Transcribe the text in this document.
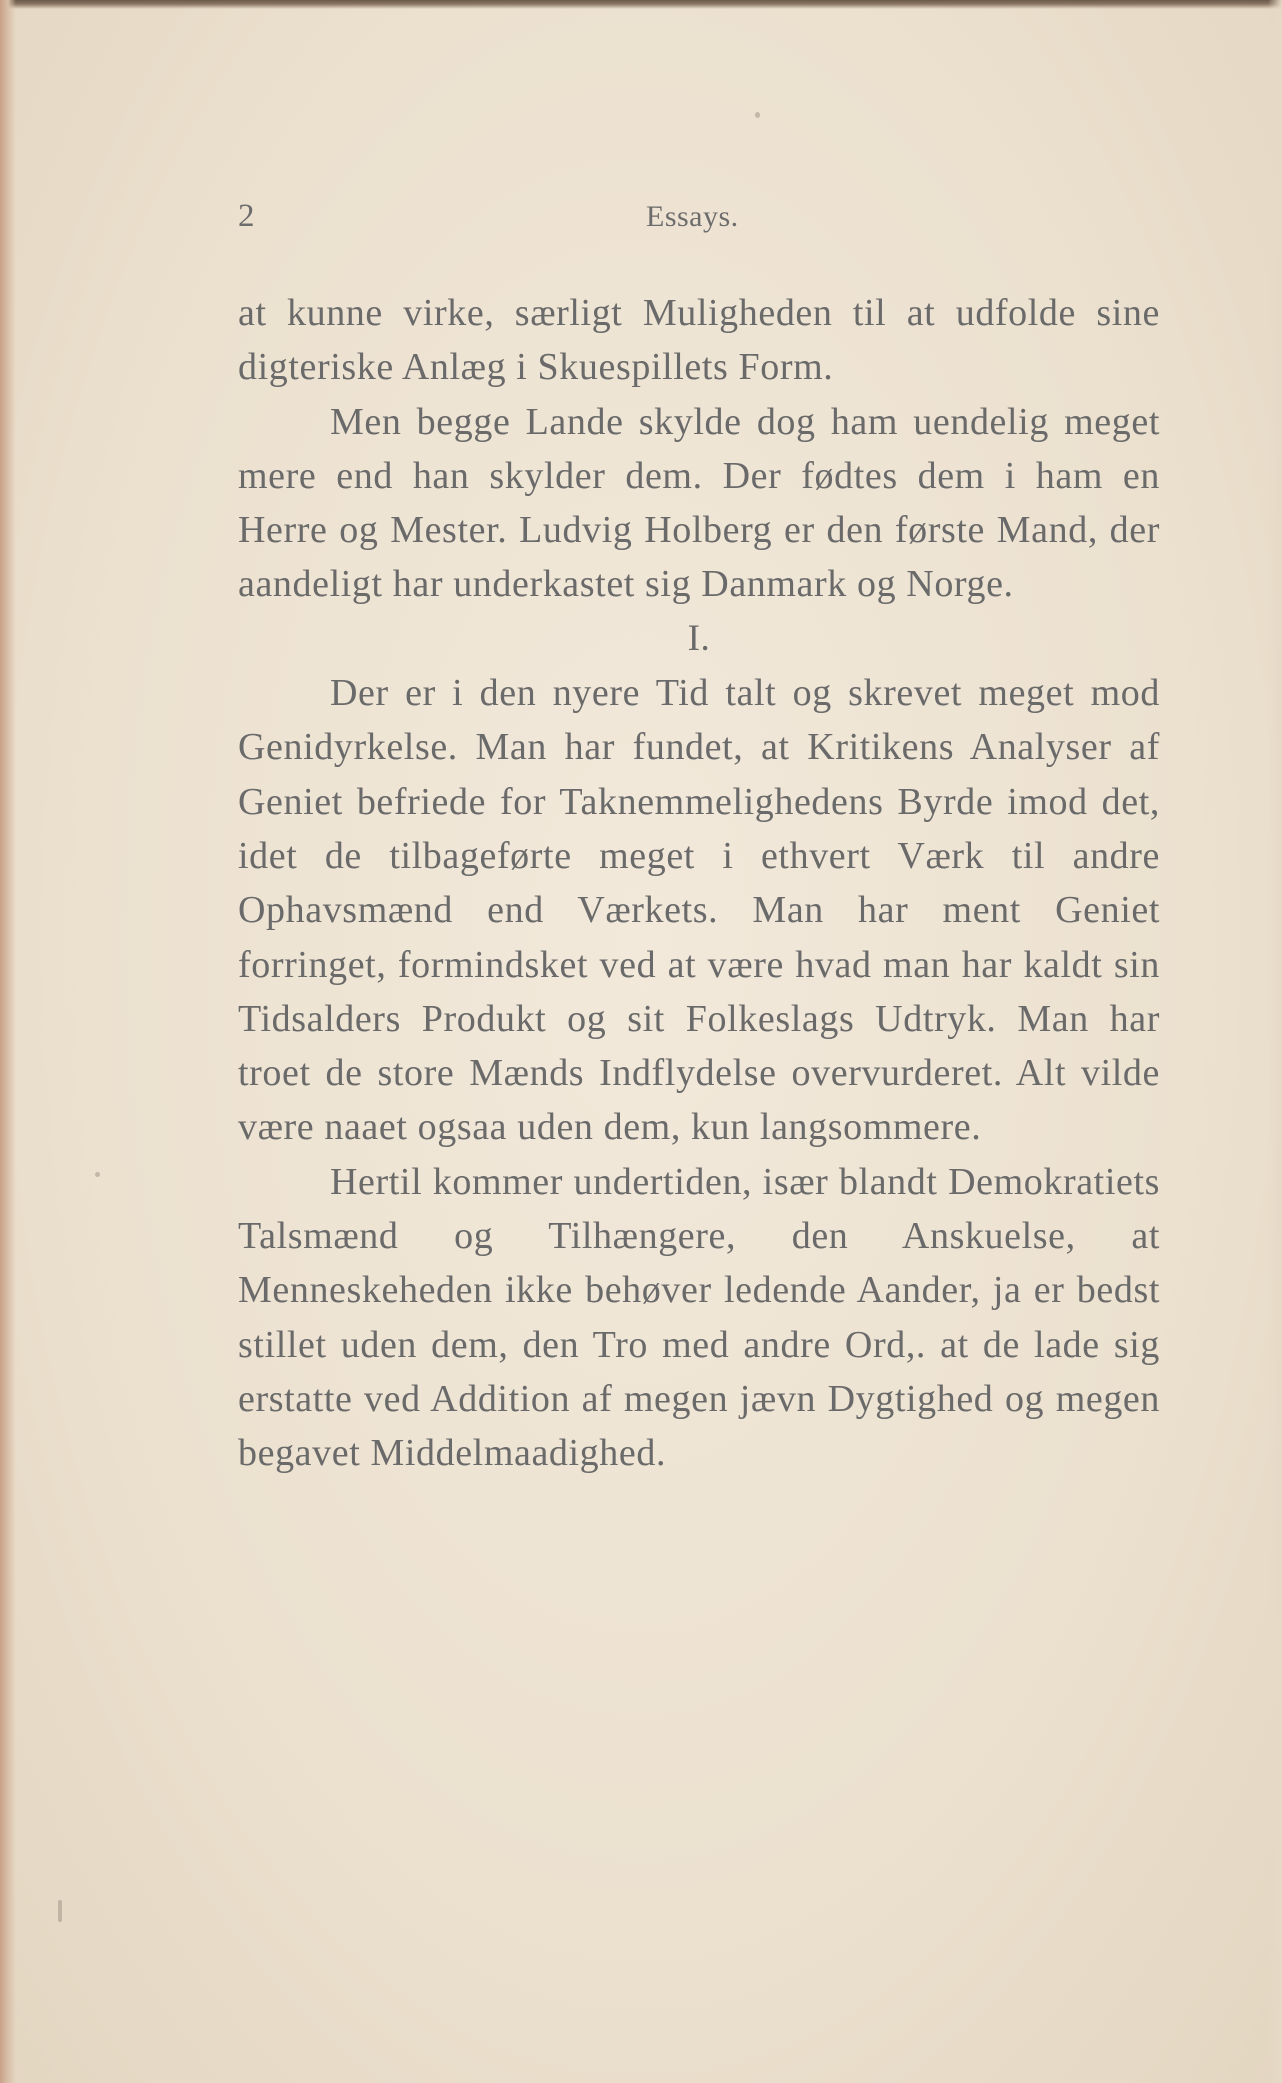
2	Essays.

at kunne virke, særligt Muligheden til at udfolde sine digteriske Anlæg i Skuespillets Form.

Men begge Lande skylde dog ham uendelig meget mere end han skylder dem. Der fødtes dem i ham en Herre og Mester. Ludvig Holberg er den første Mand, der aandeligt har underkastet sig Danmark og Norge.

I.

Der er i den nyere Tid talt og skrevet meget mod Genidyrkelse. Man har fundet, at Kritikens Analyser af Geniet befriede for Taknemmelighedens Byrde imod det, idet de tilbageførte meget i ethvert Værk til andre Ophavsmænd end Værkets. Man har ment Geniet forringet, formindsket ved at være hvad man har kaldt sin Tidsalders Produkt og sit Folkeslags Udtryk. Man har troet de store Mænds Indflydelse overvurderet. Alt vilde være naaet ogsaa uden dem, kun langsommere.

Hertil kommer undertiden, især blandt Demokratiets Talsmænd og Tilhængere, den Anskuelse, at Menneskeheden ikke behøver ledende Aander, ja er bedst stillet uden dem, den Tro med andre Ord,. at de lade sig erstatte ved Addition af megen jævn Dygtighed og megen begavet Middelmaadighed.
